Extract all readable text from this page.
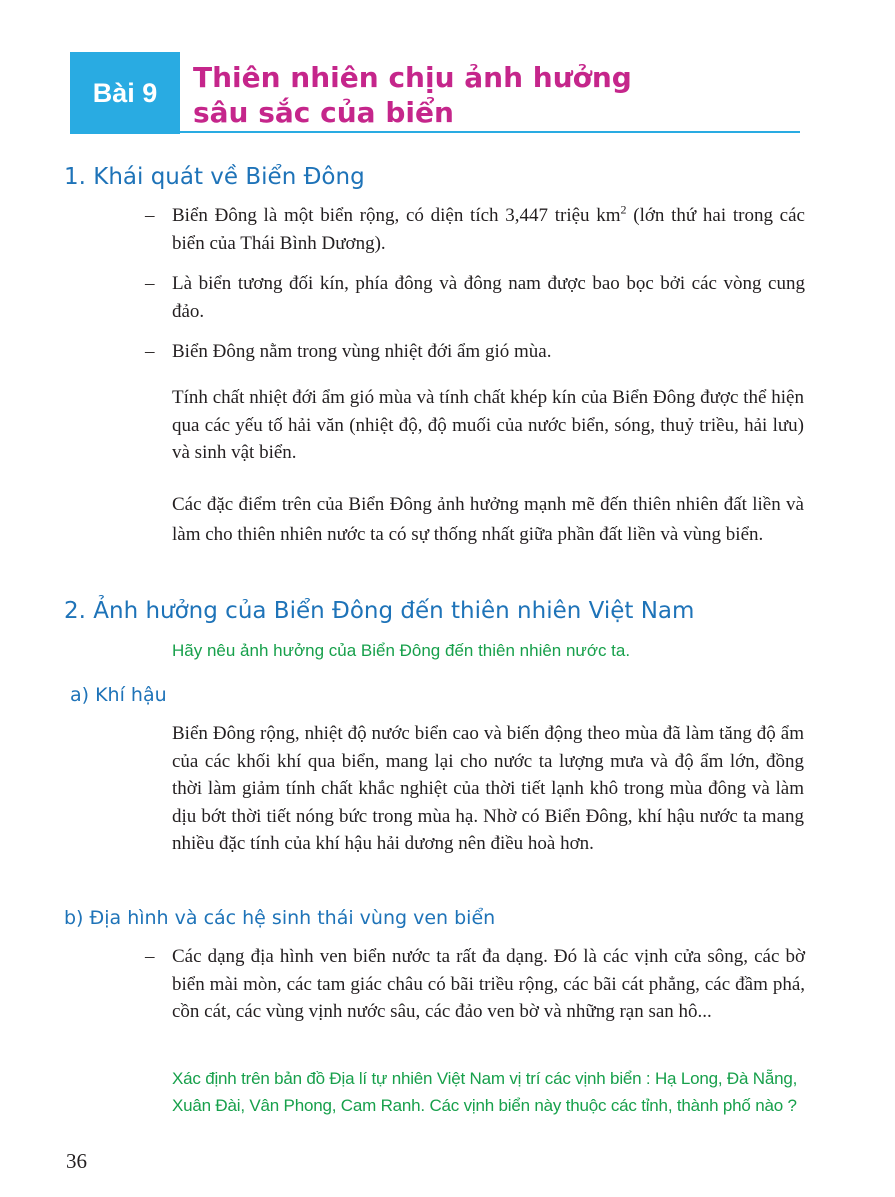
Bài 9 Thiên nhiên chịu ảnh hưởng
sâu sắc của biển
1. Khái quát về Biển Đông
– Biển Đông là một biển rộng, có diện tích 3,447 triệu $km^2$ (lớn thứ hai trong các biển của Thái Bình Dương).
– Là biển tương đối kín, phía đông và đông nam được bao bọc bởi các vòng cung đảo.
– Biển Đông nằm trong vùng nhiệt đới ẩm gió mùa.
Tính chất nhiệt đới ẩm gió mùa và tính chất khép kín của Biển Đông được thể hiện qua các yếu tố hải văn (nhiệt độ, độ muối của nước biển, sóng, thuỷ triều, hải lưu) và sinh vật biển.
Các đặc điểm trên của Biển Đông ảnh hưởng mạnh mẽ đến thiên nhiên đất liền và làm cho thiên nhiên nước ta có sự thống nhất giữa phần đất liền và vùng biển.
2. Ảnh hưởng của Biển Đông đến thiên nhiên Việt Nam
Hãy nêu ảnh hưởng của Biển Đông đến thiên nhiên nước ta.
a) Khí hậu
Biển Đông rộng, nhiệt độ nước biển cao và biến động theo mùa đã làm tăng độ ẩm của các khối khí qua biển, mang lại cho nước ta lượng mưa và độ ẩm lớn, đồng thời làm giảm tính chất khắc nghiệt của thời tiết lạnh khô trong mùa đông và làm dịu bớt thời tiết nóng bức trong mùa hạ. Nhờ có Biển Đông, khí hậu nước ta mang nhiều đặc tính của khí hậu hải dương nên điều hoà hơn.
b) Địa hình và các hệ sinh thái vùng ven biển
– Các dạng địa hình ven biển nước ta rất đa dạng. Đó là các vịnh cửa sông, các bờ biển mài mòn, các tam giác châu có bãi triều rộng, các bãi cát phẳng, các đầm phá, cồn cát, các vùng vịnh nước sâu, các đảo ven bờ và những rạn san hô...
Xác định trên bản đồ Địa lí tự nhiên Việt Nam vị trí các vịnh biển : Hạ Long, Đà Nẵng,
Xuân Đài, Vân Phong, Cam Ranh. Các vịnh biển này thuộc các tỉnh, thành phố nào ?
36
